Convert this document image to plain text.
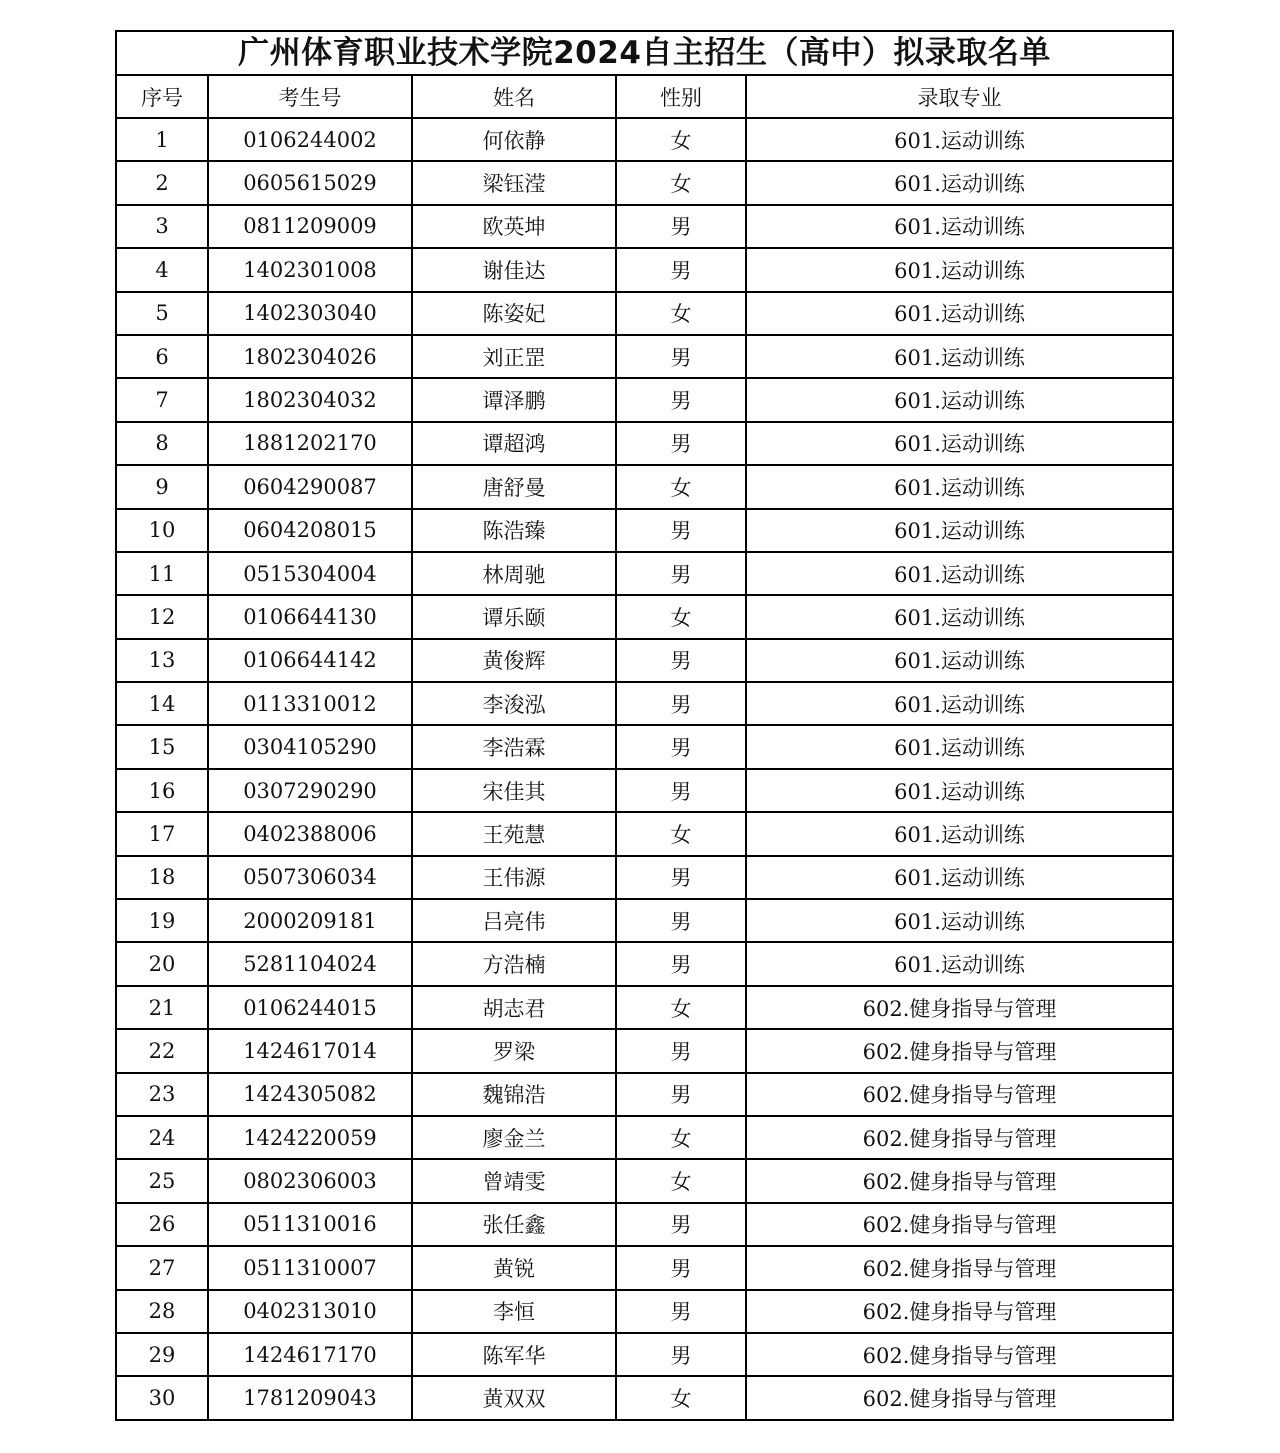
广州体育职业技术学院2024自主招生（高中）拟录取名单				
序号	考生号	姓名	性别	录取专业
1	0106244002	何依静	女	601.运动训练
2	0605615029	梁钰滢	女	601.运动训练
3	0811209009	欧英坤	男	601.运动训练
4	1402301008	谢佳达	男	601.运动训练
5	1402303040	陈姿妃	女	601.运动训练
6	1802304026	刘正罡	男	601.运动训练
7	1802304032	谭泽鹏	男	601.运动训练
8	1881202170	谭超鸿	男	601.运动训练
9	0604290087	唐舒曼	女	601.运动训练
10	0604208015	陈浩臻	男	601.运动训练
11	0515304004	林周驰	男	601.运动训练
12	0106644130	谭乐颐	女	601.运动训练
13	0106644142	黄俊辉	男	601.运动训练
14	0113310012	李浚泓	男	601.运动训练
15	0304105290	李浩霖	男	601.运动训练
16	0307290290	宋佳其	男	601.运动训练
17	0402388006	王苑慧	女	601.运动训练
18	0507306034	王伟源	男	601.运动训练
19	2000209181	吕亮伟	男	601.运动训练
20	5281104024	方浩楠	男	601.运动训练
21	0106244015	胡志君	女	602.健身指导与管理
22	1424617014	罗梁	男	602.健身指导与管理
23	1424305082	魏锦浩	男	602.健身指导与管理
24	1424220059	廖金兰	女	602.健身指导与管理
25	0802306003	曾靖雯	女	602.健身指导与管理
26	0511310016	张任鑫	男	602.健身指导与管理
27	0511310007	黄锐	男	602.健身指导与管理
28	0402313010	李恒	男	602.健身指导与管理
29	1424617170	陈军华	男	602.健身指导与管理
30	1781209043	黄双双	女	602.健身指导与管理
